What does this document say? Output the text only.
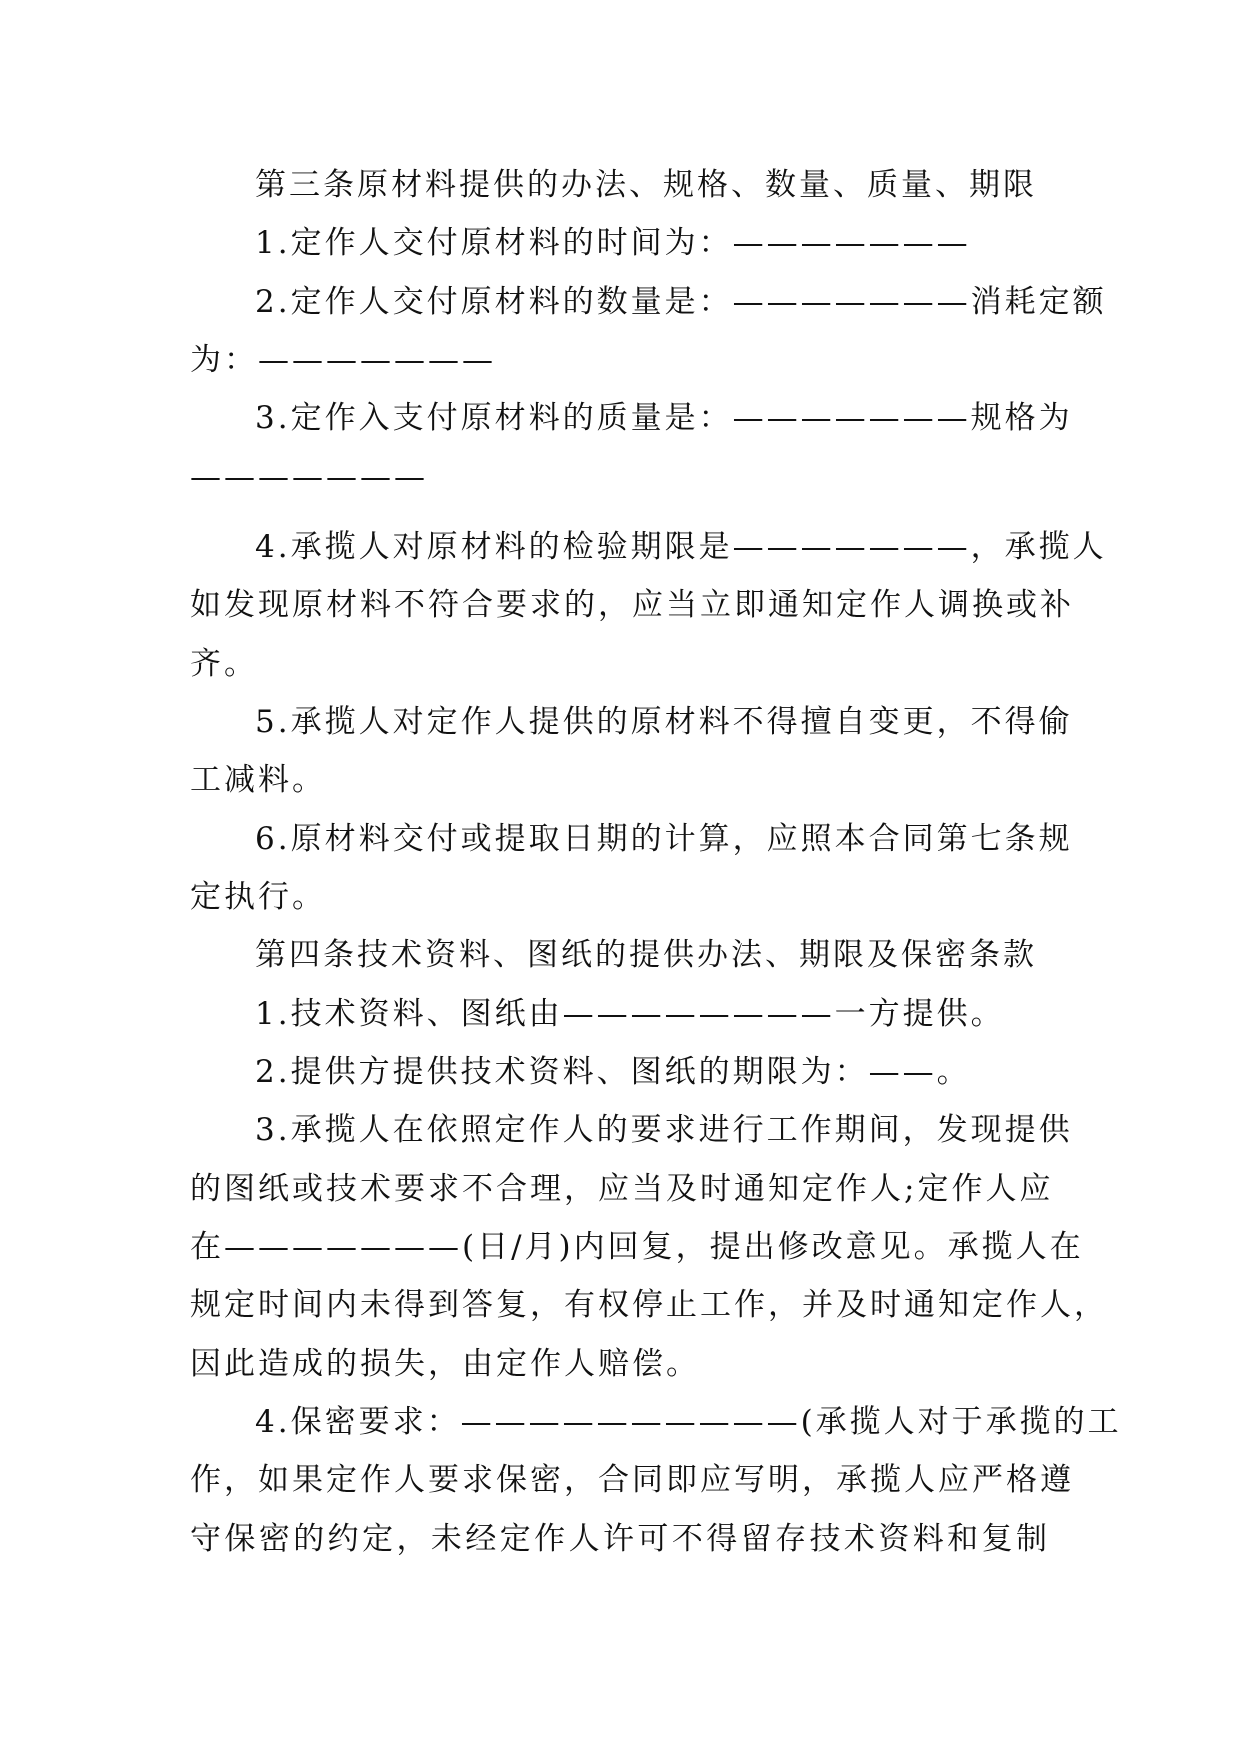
第三条原材料提供的办法、规格、数量、质量、期限
1.定作人交付原材料的时间为：———————
2.定作人交付原材料的数量是：———————消耗定额
为：———————
3.定作入支付原材料的质量是：———————规格为
———————
4.承揽人对原材料的检验期限是———————，承揽人
如发现原材料不符合要求的，应当立即通知定作人调换或补
齐。
5.承揽人对定作人提供的原材料不得擅自变更，不得偷
工减料。
6.原材料交付或提取日期的计算，应照本合同第七条规
定执行。
第四条技术资料、图纸的提供办法、期限及保密条款
1.技术资料、图纸由————————一方提供。
2.提供方提供技术资料、图纸的期限为：——。
3.承揽人在依照定作人的要求进行工作期间，发现提供
的图纸或技术要求不合理，应当及时通知定作人;定作人应
在———————(日/月)内回复，提出修改意见。承揽人在
规定时间内未得到答复，有权停止工作，并及时通知定作人，
因此造成的损失，由定作人赔偿。
4.保密要求：——————————(承揽人对于承揽的工
作，如果定作人要求保密，合同即应写明，承揽人应严格遵
守保密的约定，未经定作人许可不得留存技术资料和复制
